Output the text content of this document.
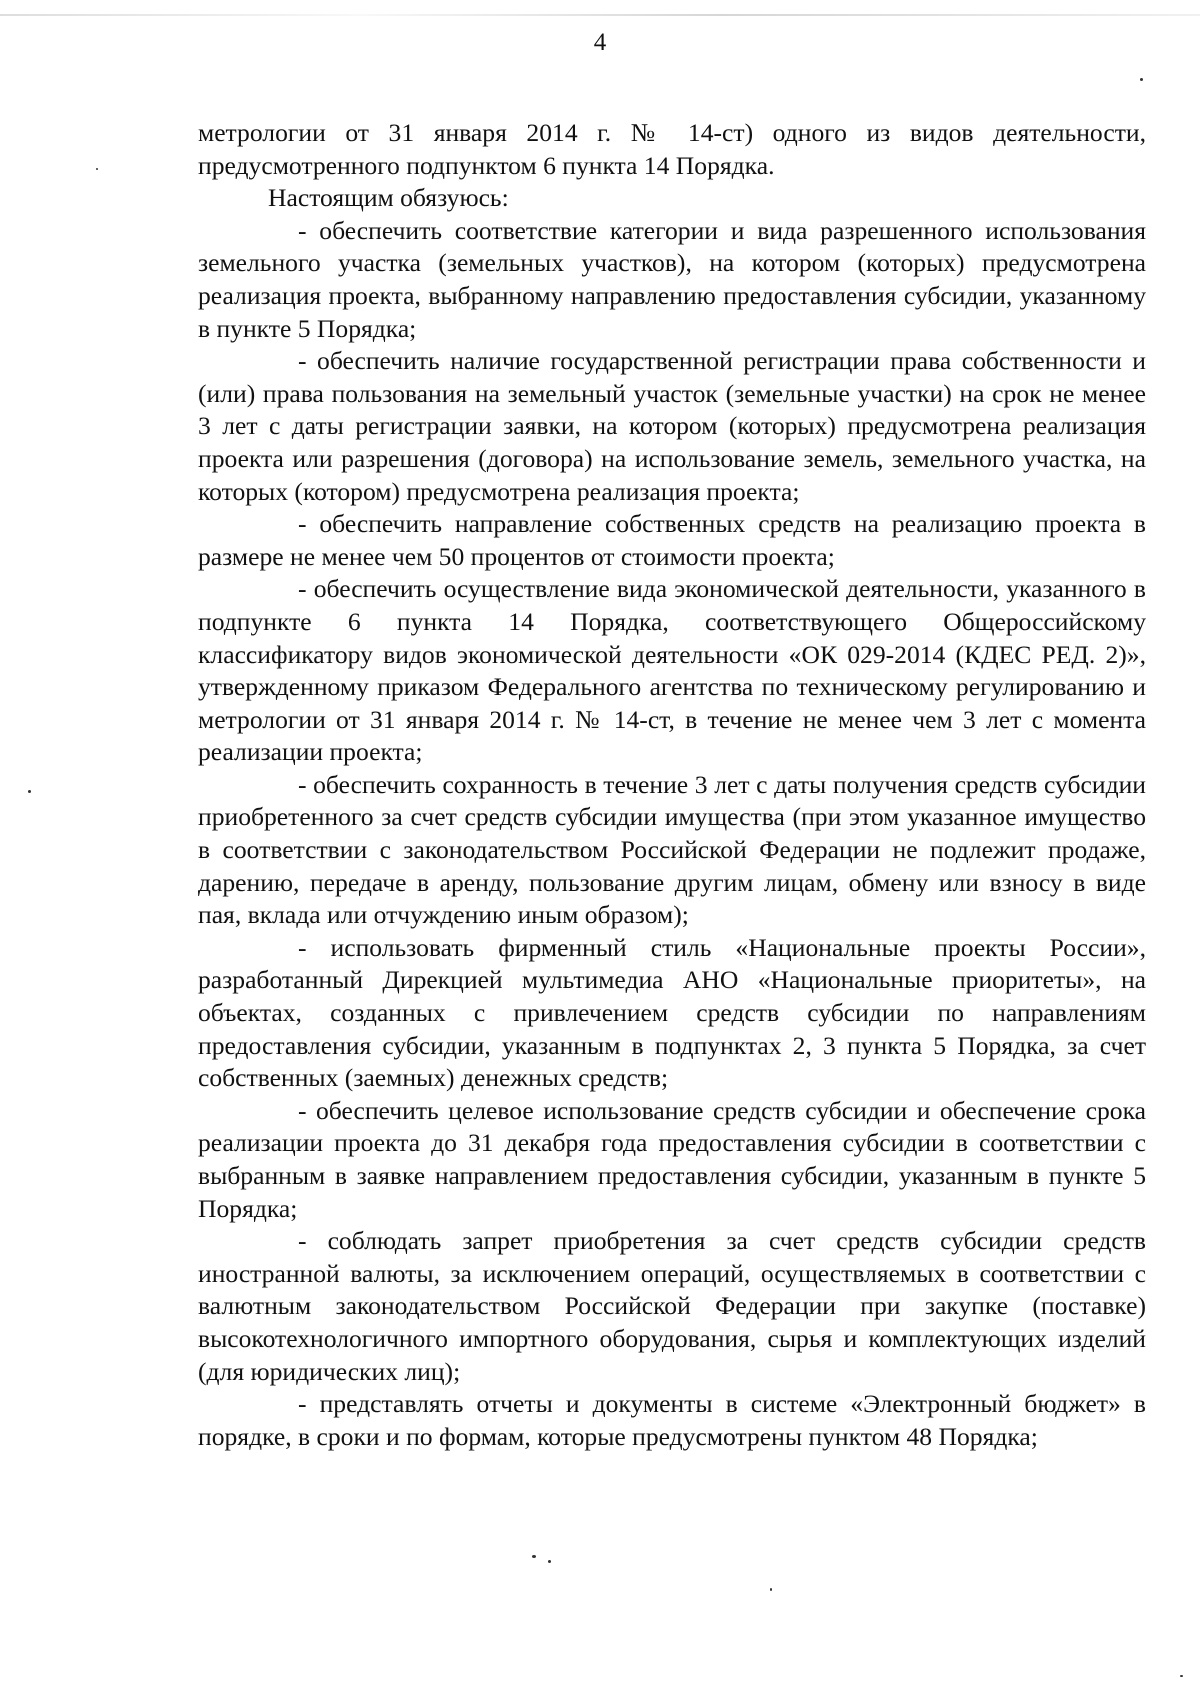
4

метрологии от 31 января 2014 г. № 14-ст) одного из видов деятельности, предусмотренного подпунктом 6 пункта 14 Порядка.

Настоящим обязуюсь:

- обеспечить соответствие категории и вида разрешенного использования земельного участка (земельных участков), на котором (которых) предусмотрена реализация проекта, выбранному направлению предоставления субсидии, указанному в пункте 5 Порядка;

- обеспечить наличие государственной регистрации права собственности и (или) права пользования на земельный участок (земельные участки) на срок не менее 3 лет с даты регистрации заявки, на котором (которых) предусмотрена реализация проекта или разрешения (договора) на использование земель, земельного участка, на которых (котором) предусмотрена реализация проекта;

- обеспечить направление собственных средств на реализацию проекта в размере не менее чем 50 процентов от стоимости проекта;

- обеспечить осуществление вида экономической деятельности, указанного в подпункте 6 пункта 14 Порядка, соответствующего Общероссийскому классификатору видов экономической деятельности «ОК 029-2014 (КДЕС РЕД. 2)», утвержденному приказом Федерального агентства по техническому регулированию и метрологии от 31 января 2014 г. № 14-ст, в течение не менее чем 3 лет с момента реализации проекта;

- обеспечить сохранность в течение 3 лет с даты получения средств субсидии приобретенного за счет средств субсидии имущества (при этом указанное имущество в соответствии с законодательством Российской Федерации не подлежит продаже, дарению, передаче в аренду, пользование другим лицам, обмену или взносу в виде пая, вклада или отчуждению иным образом);

- использовать фирменный стиль «Национальные проекты России», разработанный Дирекцией мультимедиа АНО «Национальные приоритеты», на объектах, созданных с привлечением средств субсидии по направлениям предоставления субсидии, указанным в подпунктах 2, 3 пункта 5 Порядка, за счет собственных (заемных) денежных средств;

- обеспечить целевое использование средств субсидии и обеспечение срока реализации проекта до 31 декабря года предоставления субсидии в соответствии с выбранным в заявке направлением предоставления субсидии, указанным в пункте 5 Порядка;

- соблюдать запрет приобретения за счет средств субсидии средств иностранной валюты, за исключением операций, осуществляемых в соответствии с валютным законодательством Российской Федерации при закупке (поставке) высокотехнологичного импортного оборудования, сырья и комплектующих изделий (для юридических лиц);

- представлять отчеты и документы в системе «Электронный бюджет» в порядке, в сроки и по формам, которые предусмотрены пунктом 48 Порядка;
